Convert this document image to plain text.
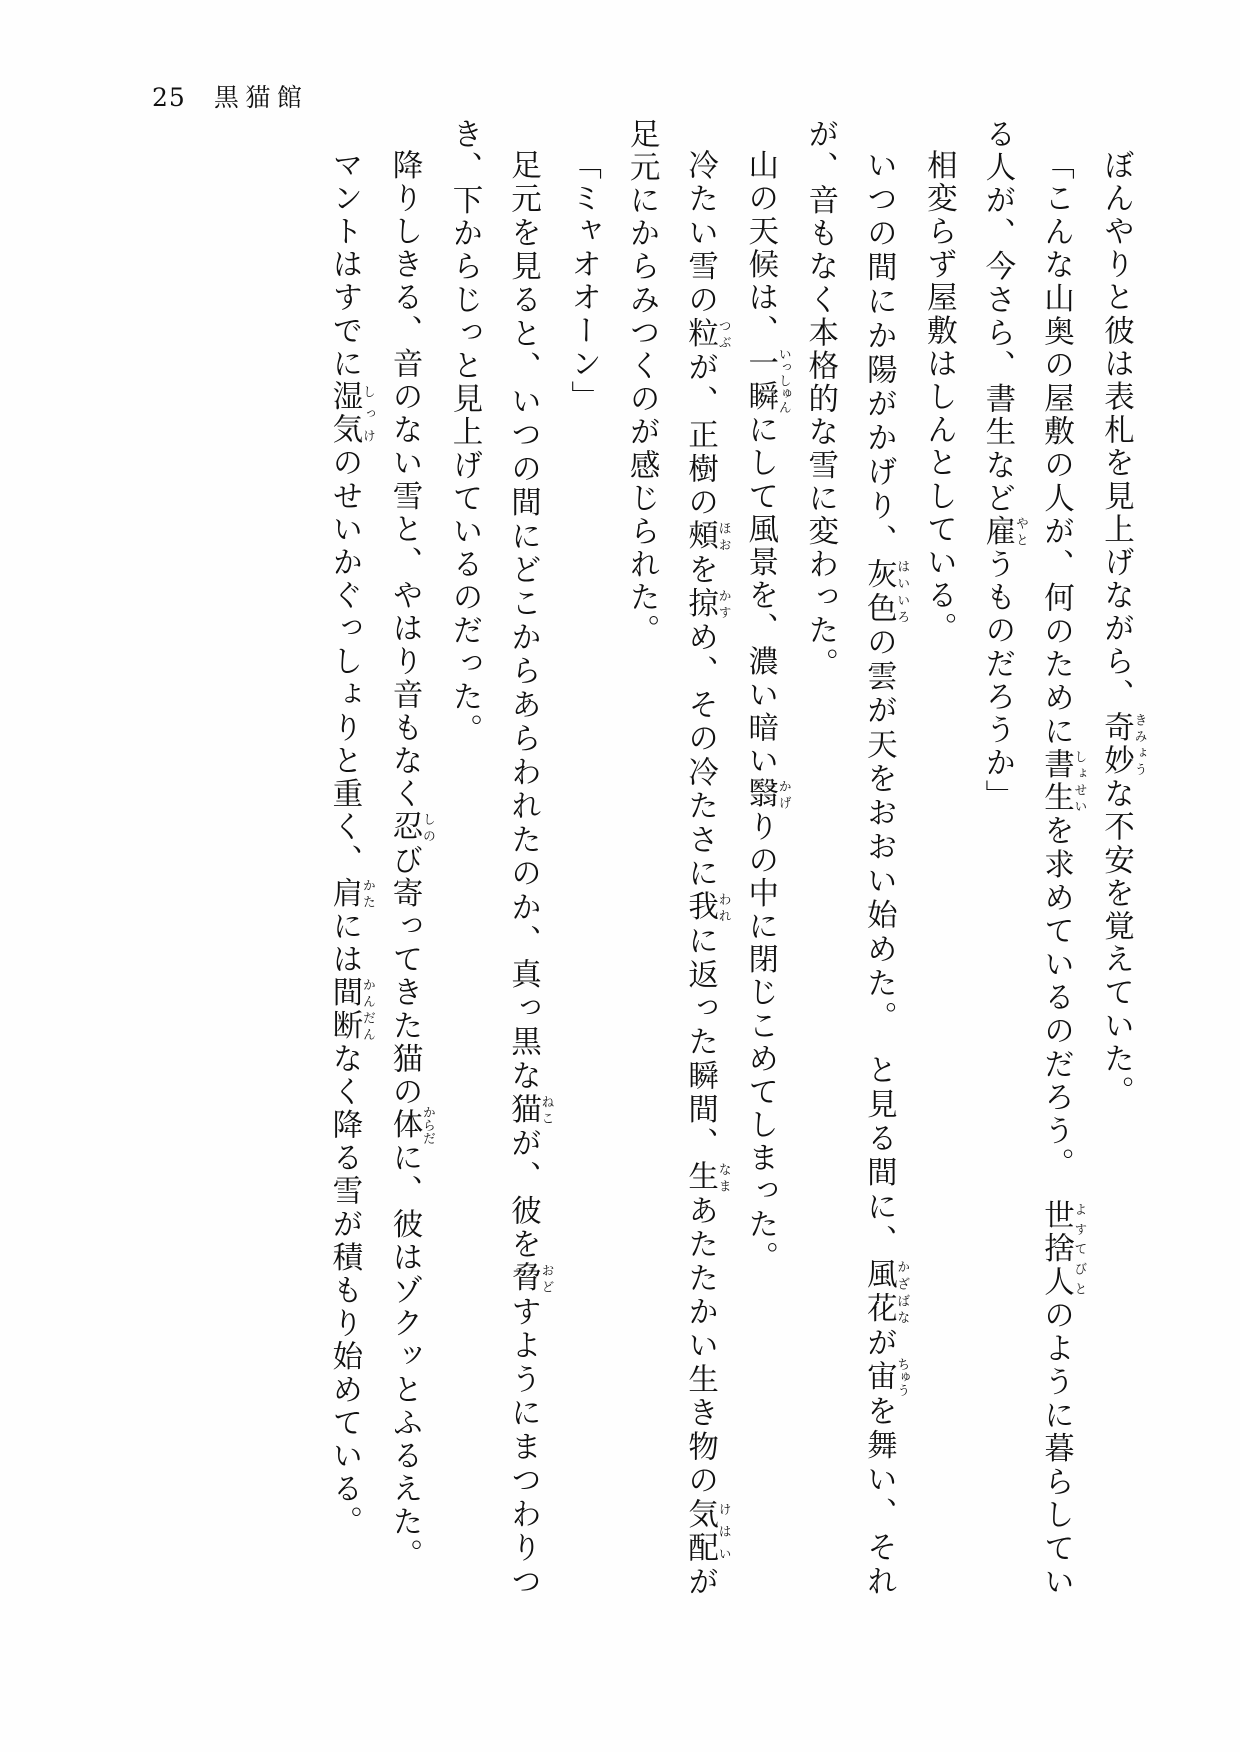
25 黒猫館

ぼんやりと彼は表札を見上げながら、奇妙きみょうな不安を覚えていた。

「こんな山奥の屋敷の人が、何のために書生しょせいを求めているのだろう。　世捨人よすてびとのように暮らしている人が、今さら、書生など雇やとうものだろうか」

相変らず屋敷はしんとしている。

いつの間にか陽がかげり、灰色はいいろの雲が天をおおい始めた。　と見る間に、風花かざばなが宙ちゅうを舞い、それが、音もなく本格的な雪に変わった。

山の天候は、一瞬いっしゅんにして風景を、濃い暗い翳かげりの中に閉じこめてしまった。

冷たい雪の粒つぶが、正樹の頰ほおを掠かすめ、その冷たさに我われに返った瞬間、生なまあたたかい生き物の気配けはいが足元にからみつくのが感じられた。

「ミャオオーン」

足元を見ると、いつの間にどこからあらわれたのか、真っ黒な猫ねこが、彼を脅おどすようにまつわりつき、下からじっと見上げているのだった。

降りしきる、音のない雪と、やはり音もなく忍しのび寄ってきた猫の体からだに、彼はゾクッとふるえた。

マントはすでに湿気しっけのせいかぐっしょりと重く、肩かたには間断かんだんなく降る雪が積もり始めている。
